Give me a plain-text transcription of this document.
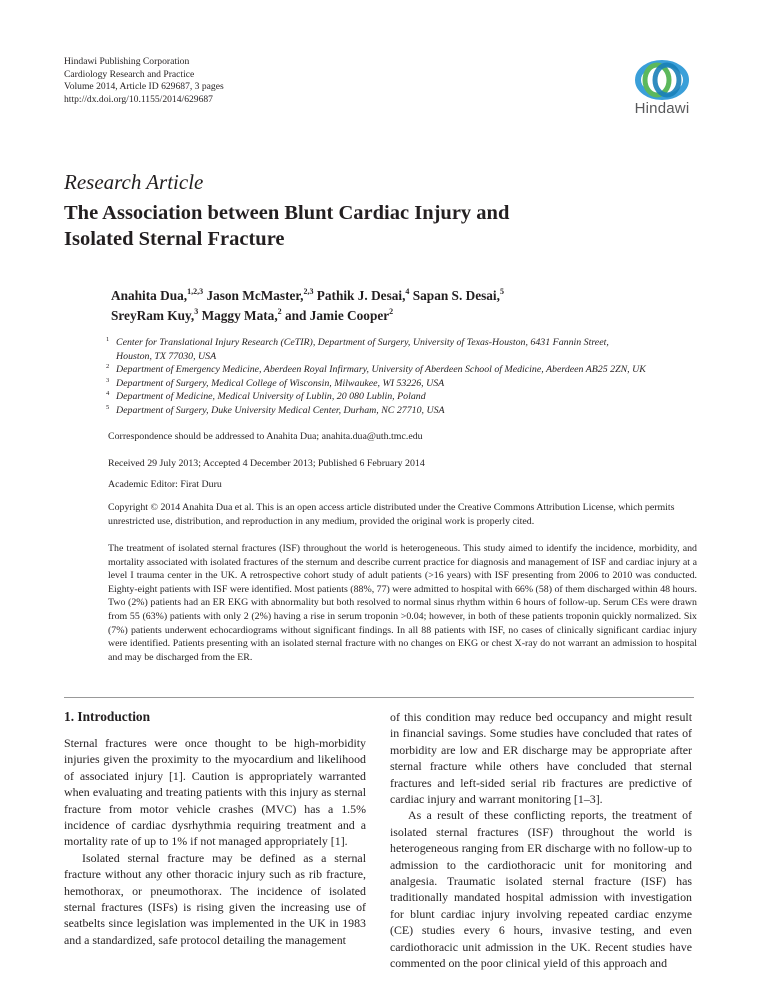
Hindawi Publishing Corporation
Cardiology Research and Practice
Volume 2014, Article ID 629687, 3 pages
http://dx.doi.org/10.1155/2014/629687
Hindawi
Research Article
The Association between Blunt Cardiac Injury and
Isolated Sternal Fracture
Anahita Dua,$^{1,2,3}$ Jason McMaster,$^{2,3}$ Pathik J. Desai,$^4$ Sapan S. Desai,$^5$
SreyRam Kuy,$^3$ Maggy Mata,$^2$ and Jamie Cooper$^2$
1 Center for Translational Injury Research (CeTIR), Department of Surgery, University of Texas-Houston, 6431 Fannin Street,
Houston, TX 77030, USA
2 Department of Emergency Medicine, Aberdeen Royal Infirmary, University of Aberdeen School of Medicine, Aberdeen AB25 2ZN, UK
3 Department of Surgery, Medical College of Wisconsin, Milwaukee, WI 53226, USA
4 Department of Medicine, Medical University of Lublin, 20 080 Lublin, Poland
5 Department of Surgery, Duke University Medical Center, Durham, NC 27710, USA
Correspondence should be addressed to Anahita Dua; anahita.dua@uth.tmc.edu
Received 29 July 2013; Accepted 4 December 2013; Published 6 February 2014
Academic Editor: Firat Duru
Copyright © 2014 Anahita Dua et al. This is an open access article distributed under the Creative Commons Attribution License, which permits unrestricted use, distribution, and reproduction in any medium, provided the original work is properly cited.
The treatment of isolated sternal fractures (ISF) throughout the world is heterogeneous. This study aimed to identify the incidence, morbidity, and mortality associated with isolated fractures of the sternum and describe current practice for diagnosis and management of ISF and cardiac injury at a level I trauma center in the UK. A retrospective cohort study of adult patients (>16 years) with ISF presenting from 2006 to 2010 was conducted. Eighty-eight patients with ISF were identified. Most patients (88%, 77) were admitted to hospital with 66% (58) of them discharged within 48 hours. Two (2%) patients had an ER EKG with abnormality but both resolved to normal sinus rhythm within 6 hours of follow-up. Serum CEs were drawn from 55 (63%) patients with only 2 (2%) having a rise in serum troponin >0.04; however, in both of these patients troponin quickly normalized. Six (7%) patients underwent echocardiograms without significant findings. In all 88 patients with ISF, no cases of clinically significant cardiac injury were identified. Patients presenting with an isolated sternal fracture with no changes on EKG or chest X-ray do not warrant an admission to hospital and may be discharged from the ER.

1. Introduction

Sternal fractures were once thought to be high-morbidity injuries given the proximity to the myocardium and likelihood of associated injury [1]. Caution is appropriately warranted when evaluating and treating patients with this injury as sternal fracture from motor vehicle crashes (MVC) has a 1.5% incidence of cardiac dysrhythmia requiring treatment and a mortality rate of up to 1% if not managed appropriately [1].

Isolated sternal fracture may be defined as a sternal fracture without any other thoracic injury such as rib fracture, hemothorax, or pneumothorax. The incidence of isolated sternal fractures (ISFs) is rising given the increasing use of seatbelts since legislation was implemented in the UK in 1983 and a standardized, safe protocol detailing the management

of this condition may reduce bed occupancy and might result in financial savings. Some studies have concluded that rates of morbidity are low and ER discharge may be appropriate after sternal fracture while others have concluded that sternal fractures and left-sided serial rib fractures are predictive of cardiac injury and warrant monitoring [1–3].

As a result of these conflicting reports, the treatment of isolated sternal fractures (ISF) throughout the world is heterogeneous ranging from ER discharge with no follow-up to admission to the cardiothoracic unit for monitoring and analgesia. Traumatic isolated sternal fracture (ISF) has traditionally mandated hospital admission with investigation for blunt cardiac injury involving repeated cardiac enzyme (CE) studies every 6 hours, invasive testing, and even cardiothoracic unit admission in the UK. Recent studies have commented on the poor clinical yield of this approach and
